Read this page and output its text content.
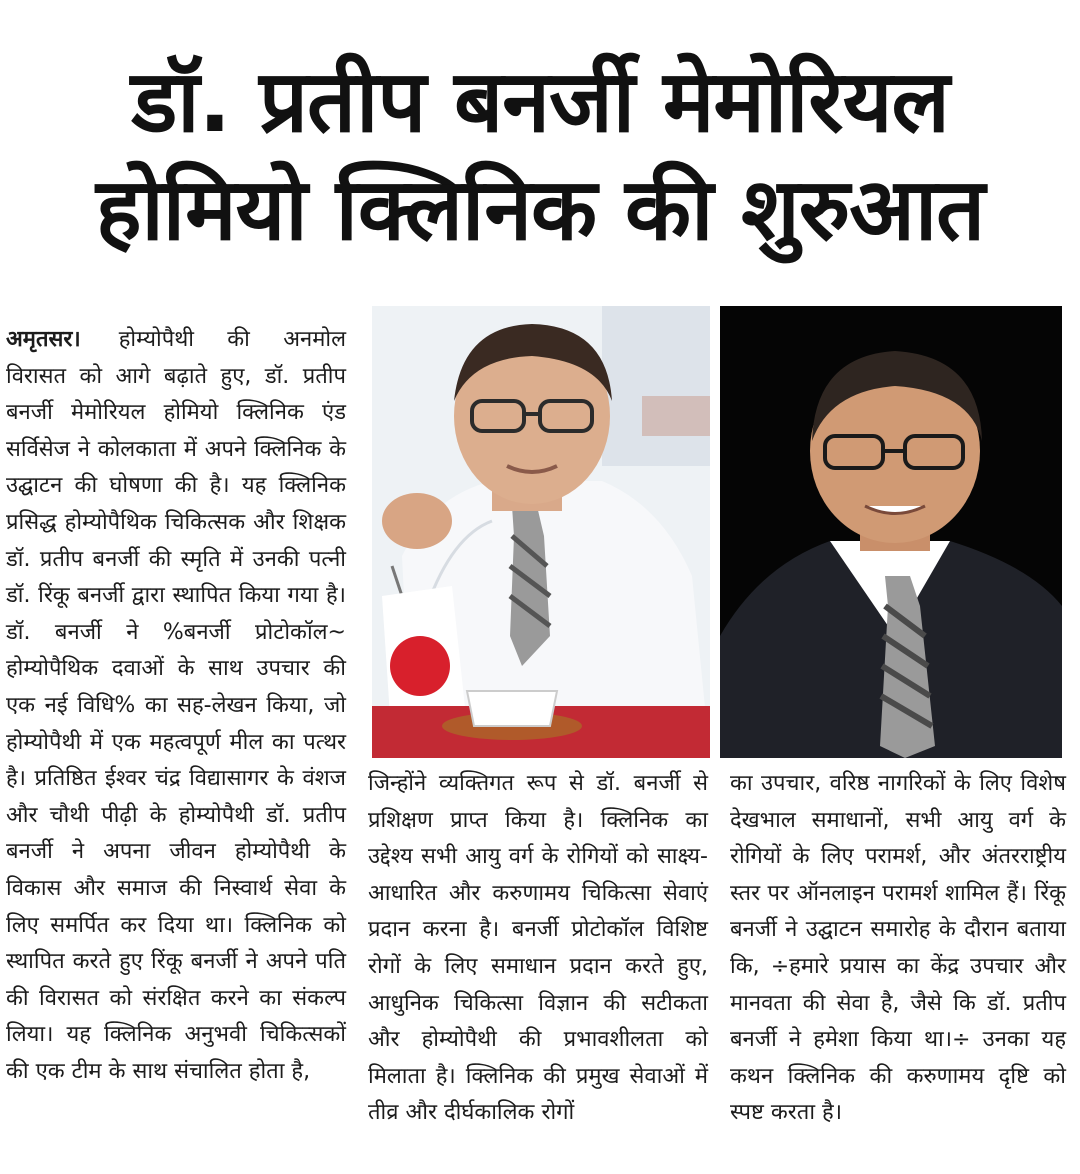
डॉ. प्रतीप बनर्जी मेमोरियल
होमियो क्लिनिक की शुरुआत

अमृतसर। होम्योपैथी की अनमोल विरासत को आगे बढ़ाते हुए, डॉ. प्रतीप बनर्जी मेमोरियल होमियो क्लिनिक एंड सर्विसेज ने कोलकाता में अपने क्लिनिक के उद्घाटन की घोषणा की है। यह क्लिनिक प्रसिद्ध होम्योपैथिक चिकित्सक और शिक्षक डॉ. प्रतीप बनर्जी की स्मृति में उनकी पत्नी डॉ. रिंकू बनर्जी द्वारा स्थापित किया गया है। डॉ. बनर्जी ने %बनर्जी प्रोटोकॉल~ होम्योपैथिक दवाओं के साथ उपचार की एक नई विधि% का सह-लेखन किया, जो होम्योपैथी में एक महत्वपूर्ण मील का पत्थर है। प्रतिष्ठित ईश्वर चंद्र विद्यासागर के वंशज और चौथी पीढ़ी के होम्योपैथी डॉ. प्रतीप बनर्जी ने अपना जीवन होम्योपैथी के विकास और समाज की निस्वार्थ सेवा के लिए समर्पित कर दिया था। क्लिनिक को स्थापित करते हुए रिंकू बनर्जी ने अपने पति की विरासत को संरक्षित करने का संकल्प लिया। यह क्लिनिक अनुभवी चिकित्सकों की एक टीम के साथ संचालित होता है,

जिन्होंने व्यक्तिगत रूप से डॉ. बनर्जी से प्रशिक्षण प्राप्त किया है। क्लिनिक का उद्देश्य सभी आयु वर्ग के रोगियों को साक्ष्य-आधारित और करुणामय चिकित्सा सेवाएं प्रदान करना है। बनर्जी प्रोटोकॉल विशिष्ट रोगों के लिए समाधान प्रदान करते हुए, आधुनिक चिकित्सा विज्ञान की सटीकता और होम्योपैथी की प्रभावशीलता को मिलाता है। क्लिनिक की प्रमुख सेवाओं में तीव्र और दीर्घकालिक रोगों

का उपचार, वरिष्ठ नागरिकों के लिए विशेष देखभाल समाधानों, सभी आयु वर्ग के रोगियों के लिए परामर्श, और अंतरराष्ट्रीय स्तर पर ऑनलाइन परामर्श शामिल हैं। रिंकू बनर्जी ने उद्घाटन समारोह के दौरान बताया कि, ÷हमारे प्रयास का केंद्र उपचार और मानवता की सेवा है, जैसे कि डॉ. प्रतीप बनर्जी ने हमेशा किया था।÷ उनका यह कथन क्लिनिक की करुणामय दृष्टि को स्पष्ट करता है।
